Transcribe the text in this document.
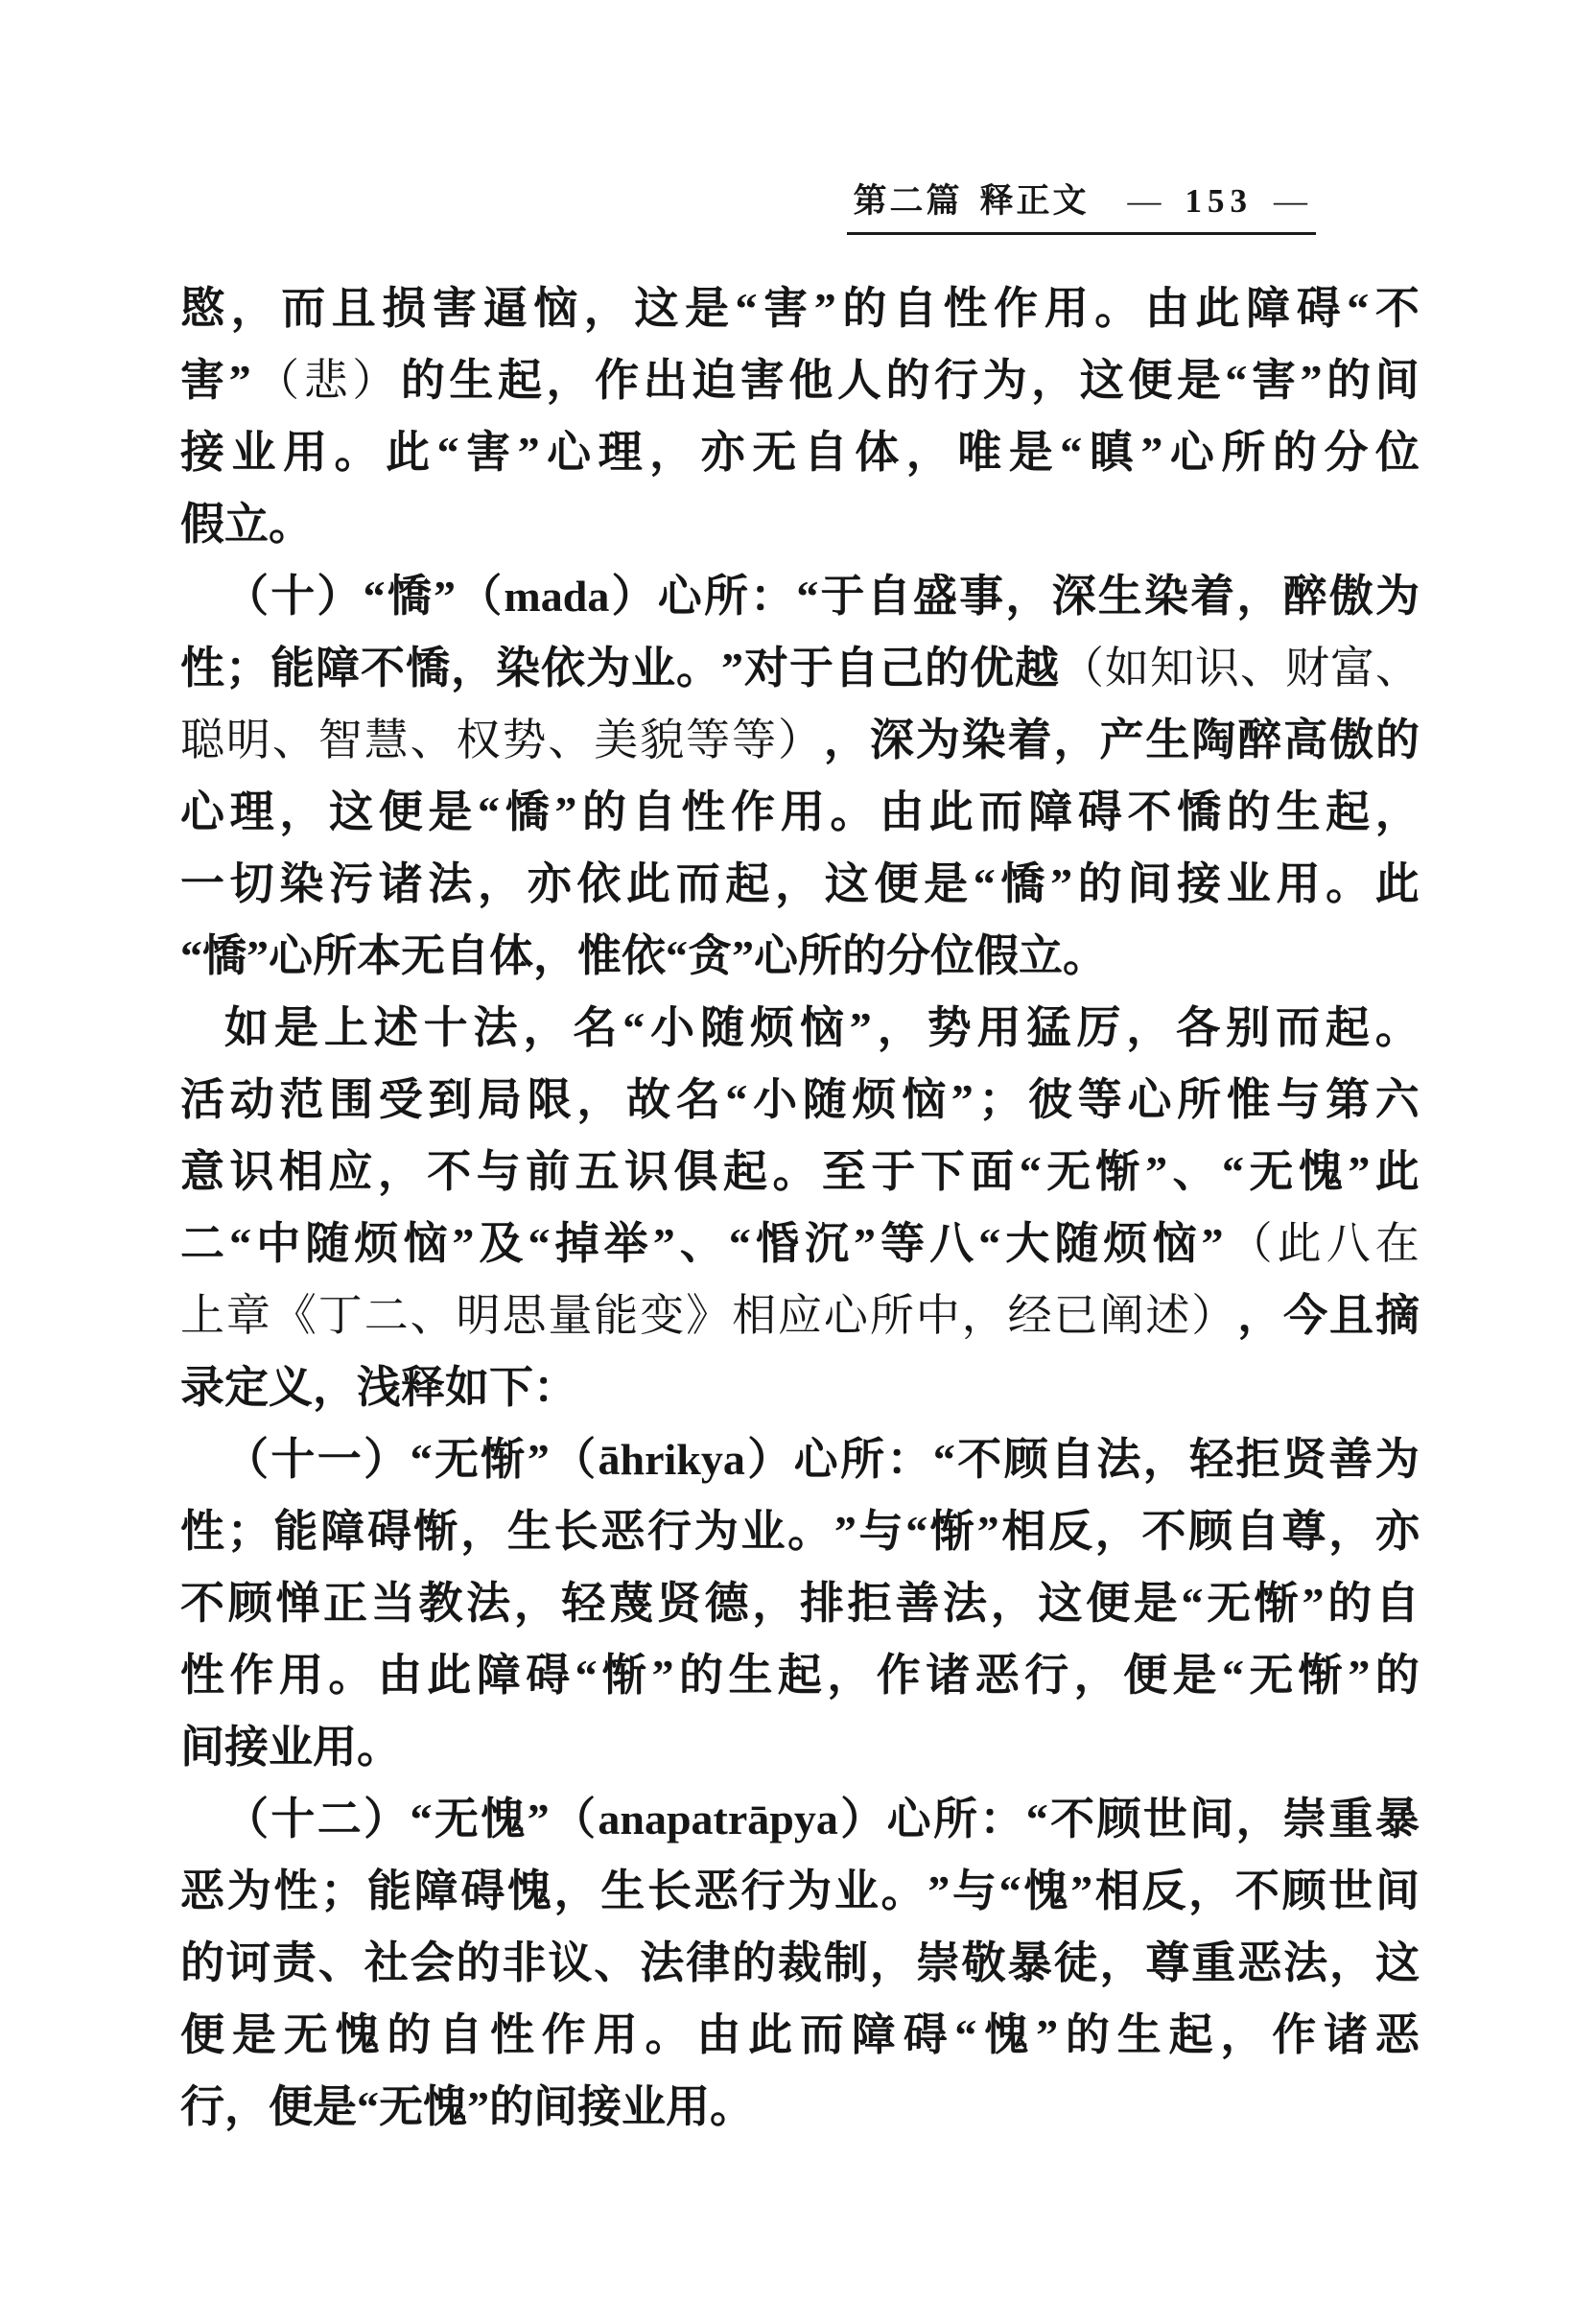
第二篇 释正文 — 153 —
愍 ， 而 且 损 害 逼 恼 ， 这 是 “ 害 ” 的 自 性 作 用 。 由 此 障 碍 “ 不
害 ” （ 悲 ） 的 生 起 ， 作 出 迫 害 他 人 的 行 为 ， 这 便 是 “ 害 ” 的 间
接 业 用 。 此 “ 害 ” 心 理 ， 亦 无 自 体 ， 唯 是 “ 瞋 ” 心 所 的 分 位
假 立 。
（ 十 ） “ 憍 ” （ mada ） 心 所 ： “ 于 自 盛 事 ， 深 生 染 着 ， 醉 傲 为
性 ； 能 障 不 憍 ， 染 依 为 业 。 ” 对 于 自 己 的 优 越 （ 如 知 识 、 财 富 、
聪 明 、 智 慧 、 权 势 、 美 貌 等 等 ） ， 深 为 染 着 ， 产 生 陶 醉 高 傲 的
心 理 ， 这 便 是 “ 憍 ” 的 自 性 作 用 。 由 此 而 障 碍 不 憍 的 生 起 ，
一 切 染 污 诸 法 ， 亦 依 此 而 起 ， 这 便 是 “ 憍 ” 的 间 接 业 用 。 此
“ 憍 ” 心 所 本 无 自 体 ， 惟 依 “ 贪 ” 心 所 的 分 位 假 立 。
如 是 上 述 十 法 ， 名 “ 小 随 烦 恼 ” ， 势 用 猛 厉 ， 各 别 而 起 。
活 动 范 围 受 到 局 限 ， 故 名 “ 小 随 烦 恼 ” ； 彼 等 心 所 惟 与 第 六
意 识 相 应 ， 不 与 前 五 识 俱 起 。 至 于 下 面 “ 无 惭 ” 、 “ 无 愧 ” 此
二 “ 中 随 烦 恼 ” 及 “ 掉 举 ” 、 “ 惛 沉 ” 等 八 “ 大 随 烦 恼 ” （ 此 八 在
上 章 《 丁 二 、 明 思 量 能 变 》 相 应 心 所 中 ， 经 已 阐 述 ） ， 今 且 摘
录 定 义 ， 浅 释 如 下 ：
（ 十 一 ） “ 无 惭 ” （ āhrikya ） 心 所 ： “ 不 顾 自 法 ， 轻 拒 贤 善 为
性 ； 能 障 碍 惭 ， 生 长 恶 行 为 业 。 ” 与 “ 惭 ” 相 反 ， 不 顾 自 尊 ， 亦
不 顾 惮 正 当 教 法 ， 轻 蔑 贤 德 ， 排 拒 善 法 ， 这 便 是 “ 无 惭 ” 的 自
性 作 用 。 由 此 障 碍 “ 惭 ” 的 生 起 ， 作 诸 恶 行 ， 便 是 “ 无 惭 ” 的
间 接 业 用 。
（ 十 二 ） “ 无 愧 ” （ anapatrāpya ） 心 所 ： “ 不 顾 世 间 ， 崇 重 暴
恶 为 性 ； 能 障 碍 愧 ， 生 长 恶 行 为 业 。 ” 与 “ 愧 ” 相 反 ， 不 顾 世 间
的 诃 责 、 社 会 的 非 议 、 法 律 的 裁 制 ， 崇 敬 暴 徒 ， 尊 重 恶 法 ， 这
便 是 无 愧 的 自 性 作 用 。 由 此 而 障 碍 “ 愧 ” 的 生 起 ， 作 诸 恶
行 ， 便 是 “ 无 愧 ” 的 间 接 业 用 。
